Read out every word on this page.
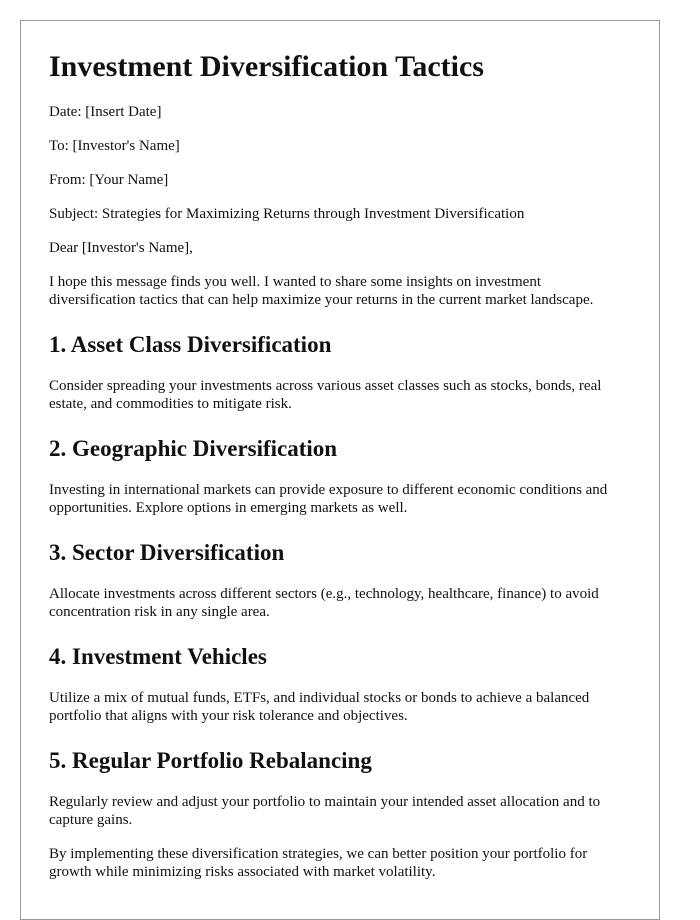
Investment Diversification Tactics
Date: [Insert Date]
To: [Investor's Name]
From: [Your Name]
Subject: Strategies for Maximizing Returns through Investment Diversification

Dear [Investor's Name],

I hope this message finds you well. I wanted to share some insights on investment diversification tactics that can help maximize your returns in the current market landscape.

1. Asset Class Diversification

Consider spreading your investments across various asset classes such as stocks, bonds, real estate, and commodities to mitigate risk.

2. Geographic Diversification

Investing in international markets can provide exposure to different economic conditions and opportunities. Explore options in emerging markets as well.

3. Sector Diversification

Allocate investments across different sectors (e.g., technology, healthcare, finance) to avoid concentration risk in any single area.

4. Investment Vehicles

Utilize a mix of mutual funds, ETFs, and individual stocks or bonds to achieve a balanced portfolio that aligns with your risk tolerance and objectives.

5. Regular Portfolio Rebalancing

Regularly review and adjust your portfolio to maintain your intended asset allocation and to capture gains.

By implementing these diversification strategies, we can better position your portfolio for growth while minimizing risks associated with market volatility.
